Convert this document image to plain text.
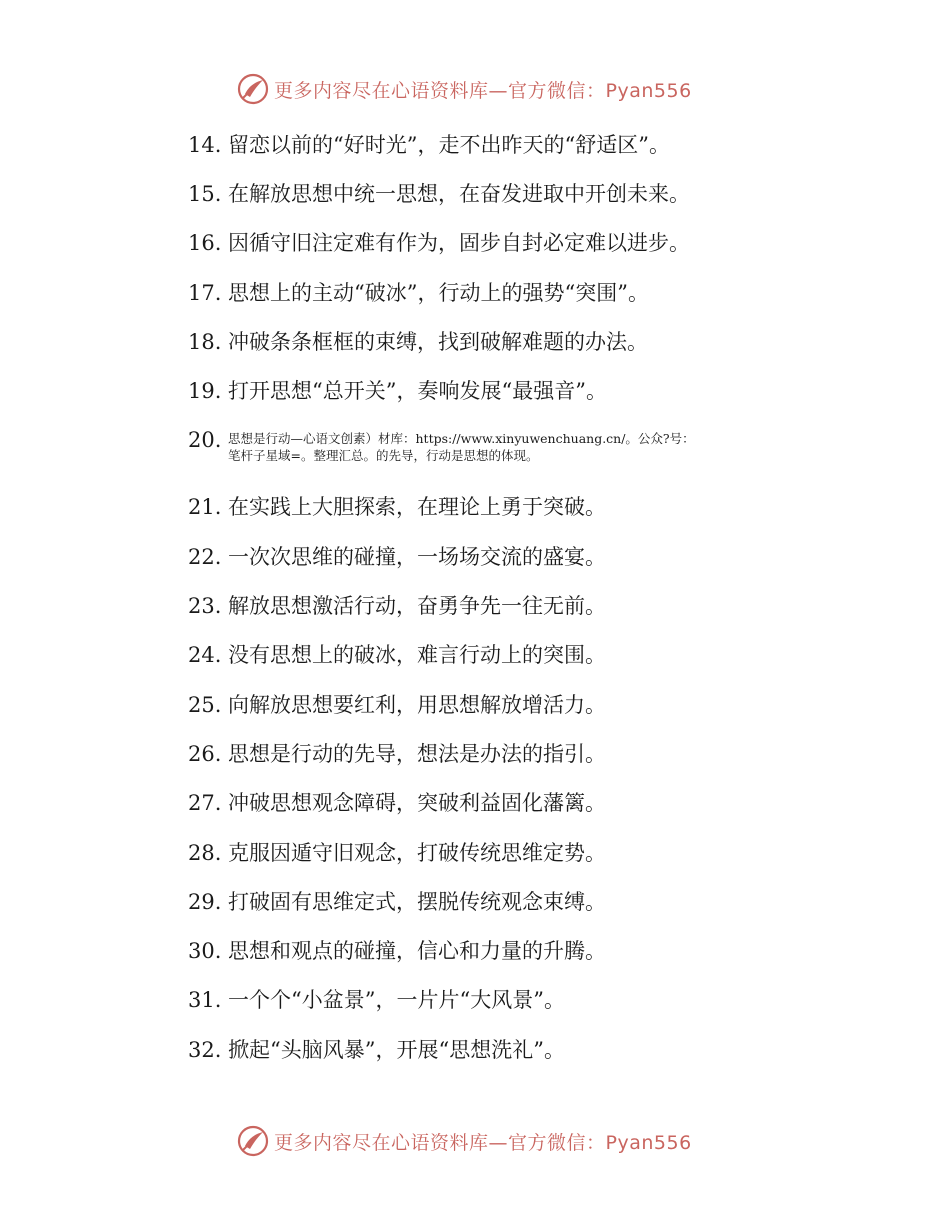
更多内容尽在心语资料库—官方微信：Pyan556
14. 留恋以前的“好时光”，走不出昨天的“舒适区”。
15. 在解放思想中统一思想，在奋发进取中开创未来。
16. 因循守旧注定难有作为，固步自封必定难以进步。
17. 思想上的主动“破冰”，行动上的强势“突围”。
18. 冲破条条框框的束缚，找到破解难题的办法。
19. 打开思想“总开关”，奏响发展“最强音”。
20. 思想是行动—心语文创素）材库：https://www.xinyuwenchuang.cn/。公众?号：
笔杆子星域=。整理汇总。的先导，行动是思想的体现。
21. 在实践上大胆探索，在理论上勇于突破。
22. 一次次思维的碰撞，一场场交流的盛宴。
23. 解放思想激活行动，奋勇争先一往无前。
24. 没有思想上的破冰，难言行动上的突围。
25. 向解放思想要红利，用思想解放增活力。
26. 思想是行动的先导，想法是办法的指引。
27. 冲破思想观念障碍，突破利益固化藩篱。
28. 克服因遁守旧观念，打破传统思维定势。
29. 打破固有思维定式，摆脱传统观念束缚。
30. 思想和观点的碰撞，信心和力量的升腾。
31. 一个个“小盆景”，一片片“大风景”。
32. 掀起“头脑风暴”，开展“思想洗礼”。
更多内容尽在心语资料库—官方微信：Pyan556
